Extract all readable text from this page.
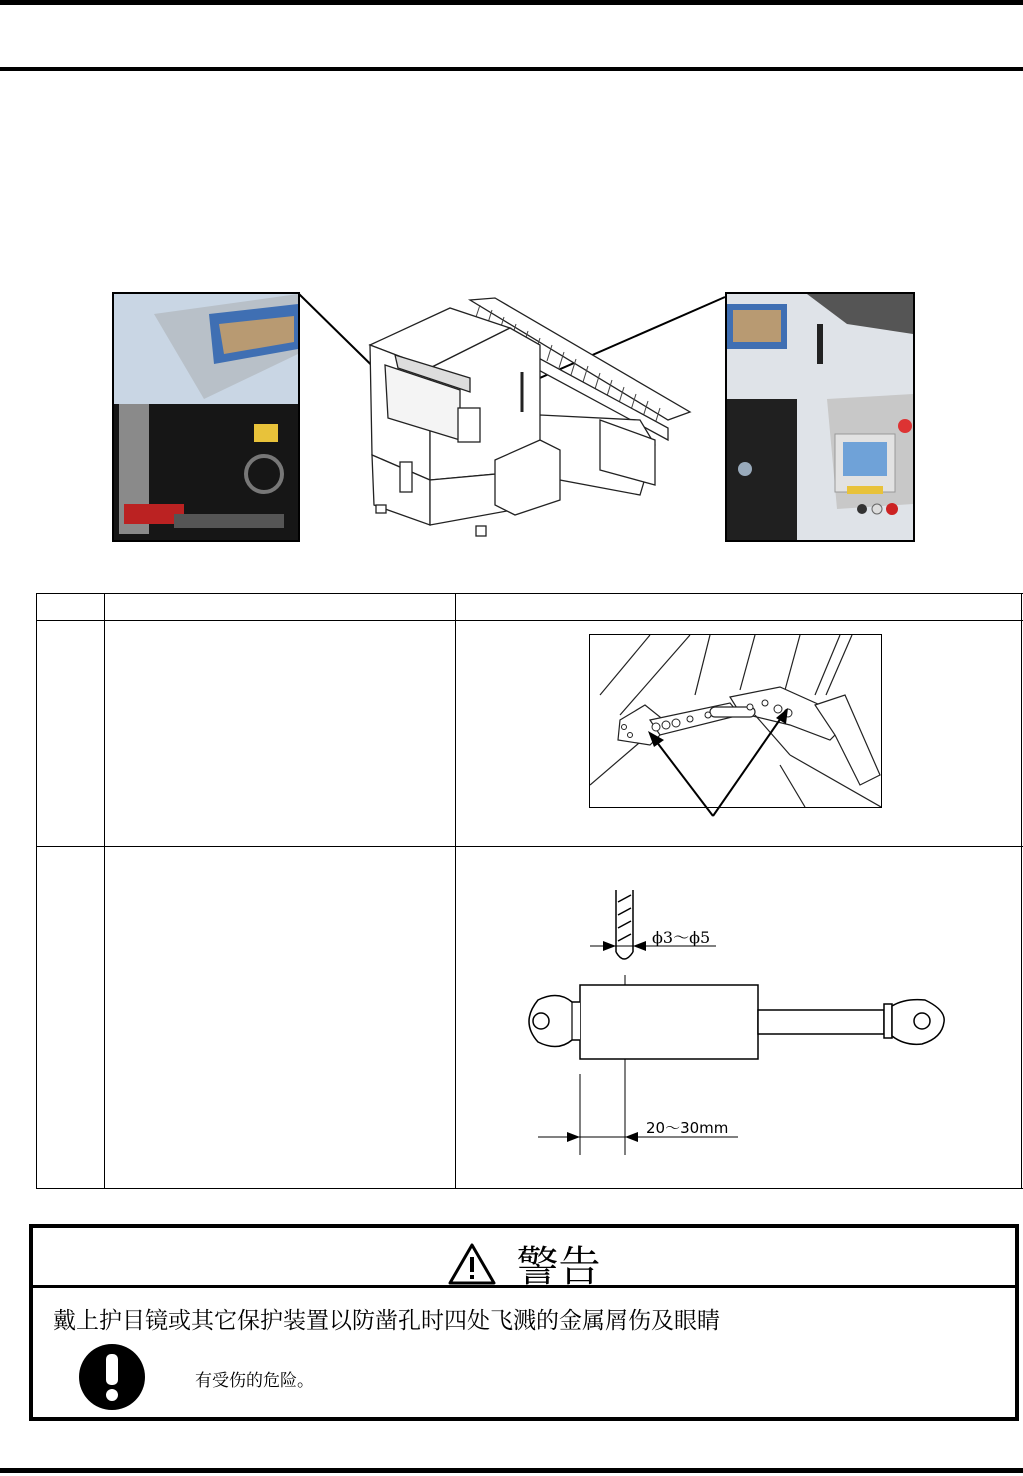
ϕ3～ϕ5
20～30mm
警告
戴上护目镜或其它保护装置以防凿孔时四处飞溅的金属屑伤及眼睛
有受伤的危险。
